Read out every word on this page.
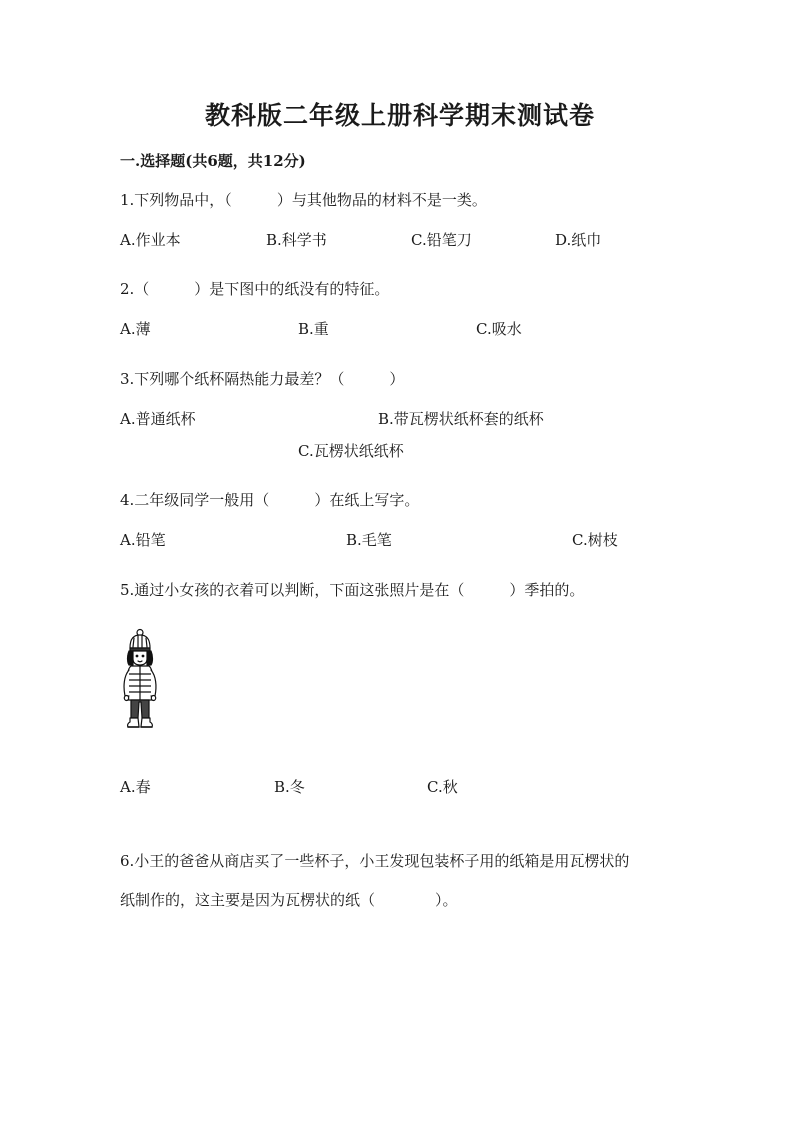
教科版二年级上册科学期末测试卷
一.选择题(共6题，共12分)
1.下列物品中，（　　　）与其他物品的材料不是一类。
A.作业本	B.科学书	C.铅笔刀	D.纸巾
2.（　　　）是下图中的纸没有的特征。
A.薄	B.重	C.吸水
3.下列哪个纸杯隔热能力最差？（　　　）
A.普通纸杯	B.带瓦楞状纸杯套的纸杯
C.瓦楞状纸纸杯
4.二年级同学一般用（　　　）在纸上写字。
A.铅笔	B.毛笔	C.树枝
5.通过小女孩的衣着可以判断，下面这张照片是在（　　　）季拍的。
A.春	B.冬	C.秋
6.小王的爸爸从商店买了一些杯子，小王发现包装杯子用的纸箱是用瓦楞状的
纸制作的，这主要是因为瓦楞状的纸（　　　　）。
